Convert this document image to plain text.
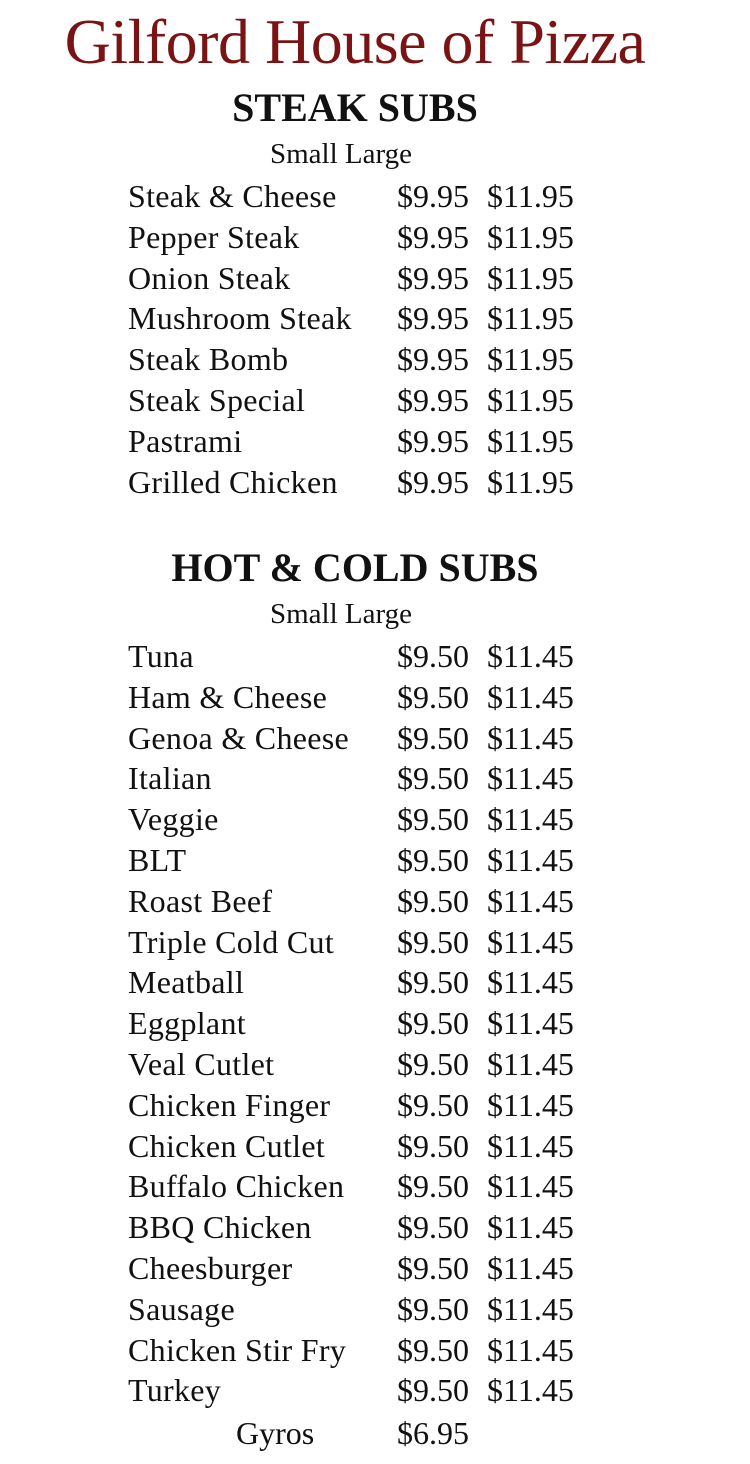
Gilford House of Pizza
STEAK SUBS
Small Large
Steak & Cheese $9.95 $11.95
Pepper Steak	$9.95 $11.95
Onion Steak	$9.95 $11.95
Mushroom Steak $9.95 $11.95
Steak Bomb	$9.95 $11.95
Steak Special	$9.95 $11.95
Pastrami	$9.95 $11.95
Grilled Chicken $9.95 $11.95
HOT & COLD SUBS
Small Large
Tuna	$9.50 $11.45
Ham & Cheese $9.50 $11.45
Genoa & Cheese $9.50 $11.45
Italian	$9.50 $11.45
Veggie	$9.50 $11.45
BLT	$9.50 $11.45
Roast Beef	$9.50 $11.45
Triple Cold Cut $9.50 $11.45
Meatball	$9.50 $11.45
Eggplant	$9.50 $11.45
Veal Cutlet	$9.50 $11.45
Chicken Finger $9.50 $11.45
Chicken Cutlet $9.50 $11.45
Buffalo Chicken $9.50 $11.45
BBQ Chicken	$9.50 $11.45
Cheesburger	$9.50 $11.45
Sausage	$9.50 $11.45
Chicken Stir Fry $9.50 $11.45
Turkey	$9.50 $11.45
Gyros	$6.95
